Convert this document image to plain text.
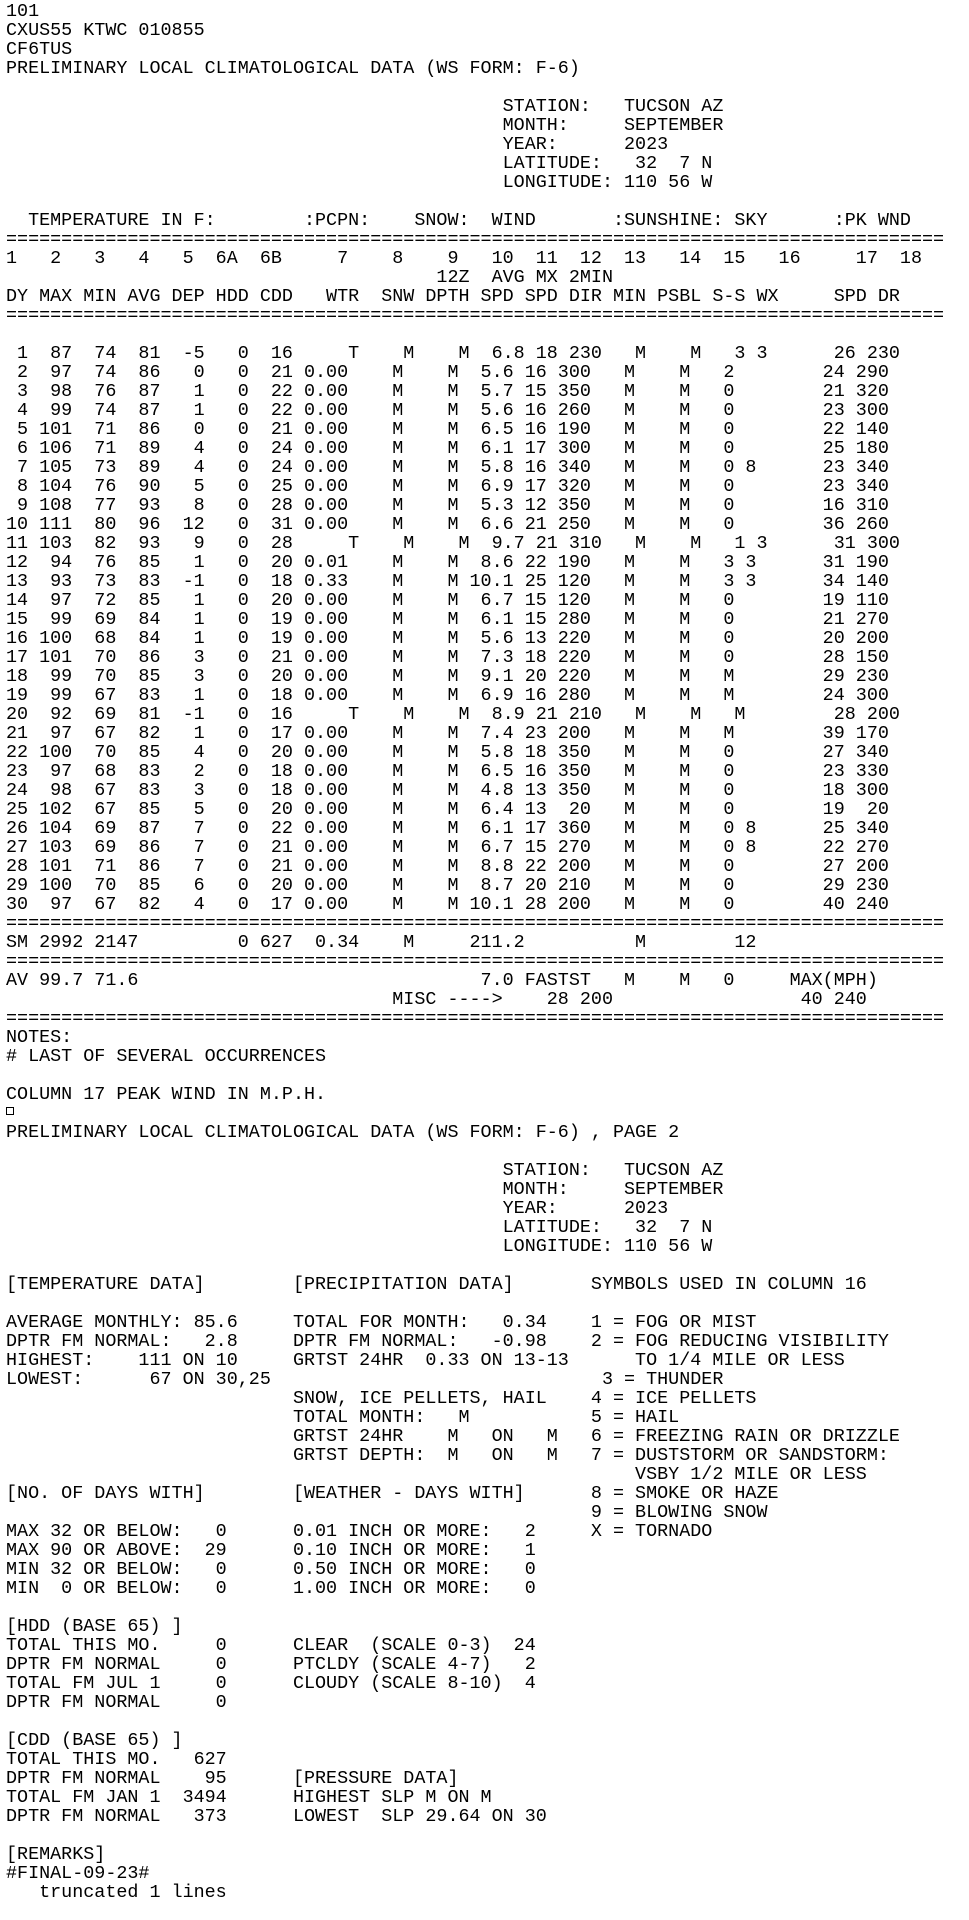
101
CXUS55 KTWC 010855
CF6TUS
PRELIMINARY LOCAL CLIMATOLOGICAL DATA (WS FORM: F-6)
STATION:   TUCSON AZ
MONTH:     SEPTEMBER
YEAR:      2023
LATITUDE:   32  7 N
LONGITUDE: 110 56 W
TEMPERATURE IN F:        :PCPN:    SNOW:  WIND       :SUNSHINE: SKY      :PK WND
=====================================================================================
1   2   3   4   5  6A  6B     7    8    9   10  11  12  13   14  15   16     17  18
12Z  AVG MX 2MIN
DY MAX MIN AVG DEP HDD CDD   WTR  SNW DPTH SPD SPD DIR MIN PSBL S-S WX     SPD DR
=====================================================================================
1  87  74  81  -5   0  16     T    M    M  6.8 18 230   M    M   3 3      26 230
2  97  74  86   0   0  21 0.00    M    M  5.6 16 300   M    M   2        24 290
3  98  76  87   1   0  22 0.00    M    M  5.7 15 350   M    M   0        21 320
4  99  74  87   1   0  22 0.00    M    M  5.6 16 260   M    M   0        23 300
5 101  71  86   0   0  21 0.00    M    M  6.5 16 190   M    M   0        22 140
6 106  71  89   4   0  24 0.00    M    M  6.1 17 300   M    M   0        25 180
7 105  73  89   4   0  24 0.00    M    M  5.8 16 340   M    M   0 8      23 340
8 104  76  90   5   0  25 0.00    M    M  6.9 17 320   M    M   0        23 340
9 108  77  93   8   0  28 0.00    M    M  5.3 12 350   M    M   0        16 310
10 111  80  96  12   0  31 0.00    M    M  6.6 21 250   M    M   0        36 260
11 103  82  93   9   0  28     T    M    M  9.7 21 310   M    M   1 3      31 300
12  94  76  85   1   0  20 0.01    M    M  8.6 22 190   M    M   3 3      31 190
13  93  73  83  -1   0  18 0.33    M    M 10.1 25 120   M    M   3 3      34 140
14  97  72  85   1   0  20 0.00    M    M  6.7 15 120   M    M   0        19 110
15  99  69  84   1   0  19 0.00    M    M  6.1 15 280   M    M   0        21 270
16 100  68  84   1   0  19 0.00    M    M  5.6 13 220   M    M   0        20 200
17 101  70  86   3   0  21 0.00    M    M  7.3 18 220   M    M   0        28 150
18  99  70  85   3   0  20 0.00    M    M  9.1 20 220   M    M   M        29 230
19  99  67  83   1   0  18 0.00    M    M  6.9 16 280   M    M   M        24 300
20  92  69  81  -1   0  16     T    M    M  8.9 21 210   M    M   M        28 200
21  97  67  82   1   0  17 0.00    M    M  7.4 23 200   M    M   M        39 170
22 100  70  85   4   0  20 0.00    M    M  5.8 18 350   M    M   0        27 340
23  97  68  83   2   0  18 0.00    M    M  6.5 16 350   M    M   0        23 330
24  98  67  83   3   0  18 0.00    M    M  4.8 13 350   M    M   0        18 300
25 102  67  85   5   0  20 0.00    M    M  6.4 13  20   M    M   0        19  20
26 104  69  87   7   0  22 0.00    M    M  6.1 17 360   M    M   0 8      25 340
27 103  69  86   7   0  21 0.00    M    M  6.7 15 270   M    M   0 8      22 270
28 101  71  86   7   0  21 0.00    M    M  8.8 22 200   M    M   0        27 200
29 100  70  85   6   0  20 0.00    M    M  8.7 20 210   M    M   0        29 230
30  97  67  82   4   0  17 0.00    M    M 10.1 28 200   M    M   0        40 240
=====================================================================================
SM 2992 2147         0 627  0.34    M     211.2          M        12
=====================================================================================
AV 99.7 71.6                               7.0 FASTST   M    M   0     MAX(MPH)
MISC ---->    28 200                 40 240
=====================================================================================
NOTES:
# LAST OF SEVERAL OCCURRENCES
COLUMN 17 PEAK WIND IN M.P.H.
PRELIMINARY LOCAL CLIMATOLOGICAL DATA (WS FORM: F-6) , PAGE 2
STATION:   TUCSON AZ
MONTH:     SEPTEMBER
YEAR:      2023
LATITUDE:   32  7 N
LONGITUDE: 110 56 W
[TEMPERATURE DATA]        [PRECIPITATION DATA]       SYMBOLS USED IN COLUMN 16
AVERAGE MONTHLY: 85.6     TOTAL FOR MONTH:   0.34    1 = FOG OR MIST
DPTR FM NORMAL:   2.8     DPTR FM NORMAL:   -0.98    2 = FOG REDUCING VISIBILITY
HIGHEST:    111 ON 10     GRTST 24HR  0.33 ON 13-13      TO 1/4 MILE OR LESS
LOWEST:      67 ON 30,25                              3 = THUNDER
SNOW, ICE PELLETS, HAIL    4 = ICE PELLETS
TOTAL MONTH:   M           5 = HAIL
GRTST 24HR    M   ON   M   6 = FREEZING RAIN OR DRIZZLE
GRTST DEPTH:  M   ON   M   7 = DUSTSTORM OR SANDSTORM:
VSBY 1/2 MILE OR LESS
[NO. OF DAYS WITH]        [WEATHER - DAYS WITH]      8 = SMOKE OR HAZE
9 = BLOWING SNOW
MAX 32 OR BELOW:   0      0.01 INCH OR MORE:   2     X = TORNADO
MAX 90 OR ABOVE:  29      0.10 INCH OR MORE:   1
MIN 32 OR BELOW:   0      0.50 INCH OR MORE:   0
MIN  0 OR BELOW:   0      1.00 INCH OR MORE:   0
[HDD (BASE 65) ]
TOTAL THIS MO.     0      CLEAR  (SCALE 0-3)  24
DPTR FM NORMAL     0      PTCLDY (SCALE 4-7)   2
TOTAL FM JUL 1     0      CLOUDY (SCALE 8-10)  4
DPTR FM NORMAL     0
[CDD (BASE 65) ]
TOTAL THIS MO.   627
DPTR FM NORMAL    95      [PRESSURE DATA]
TOTAL FM JAN 1  3494      HIGHEST SLP M ON M
DPTR FM NORMAL   373      LOWEST  SLP 29.64 ON 30
[REMARKS]
#FINAL-09-23#
truncated 1 lines
